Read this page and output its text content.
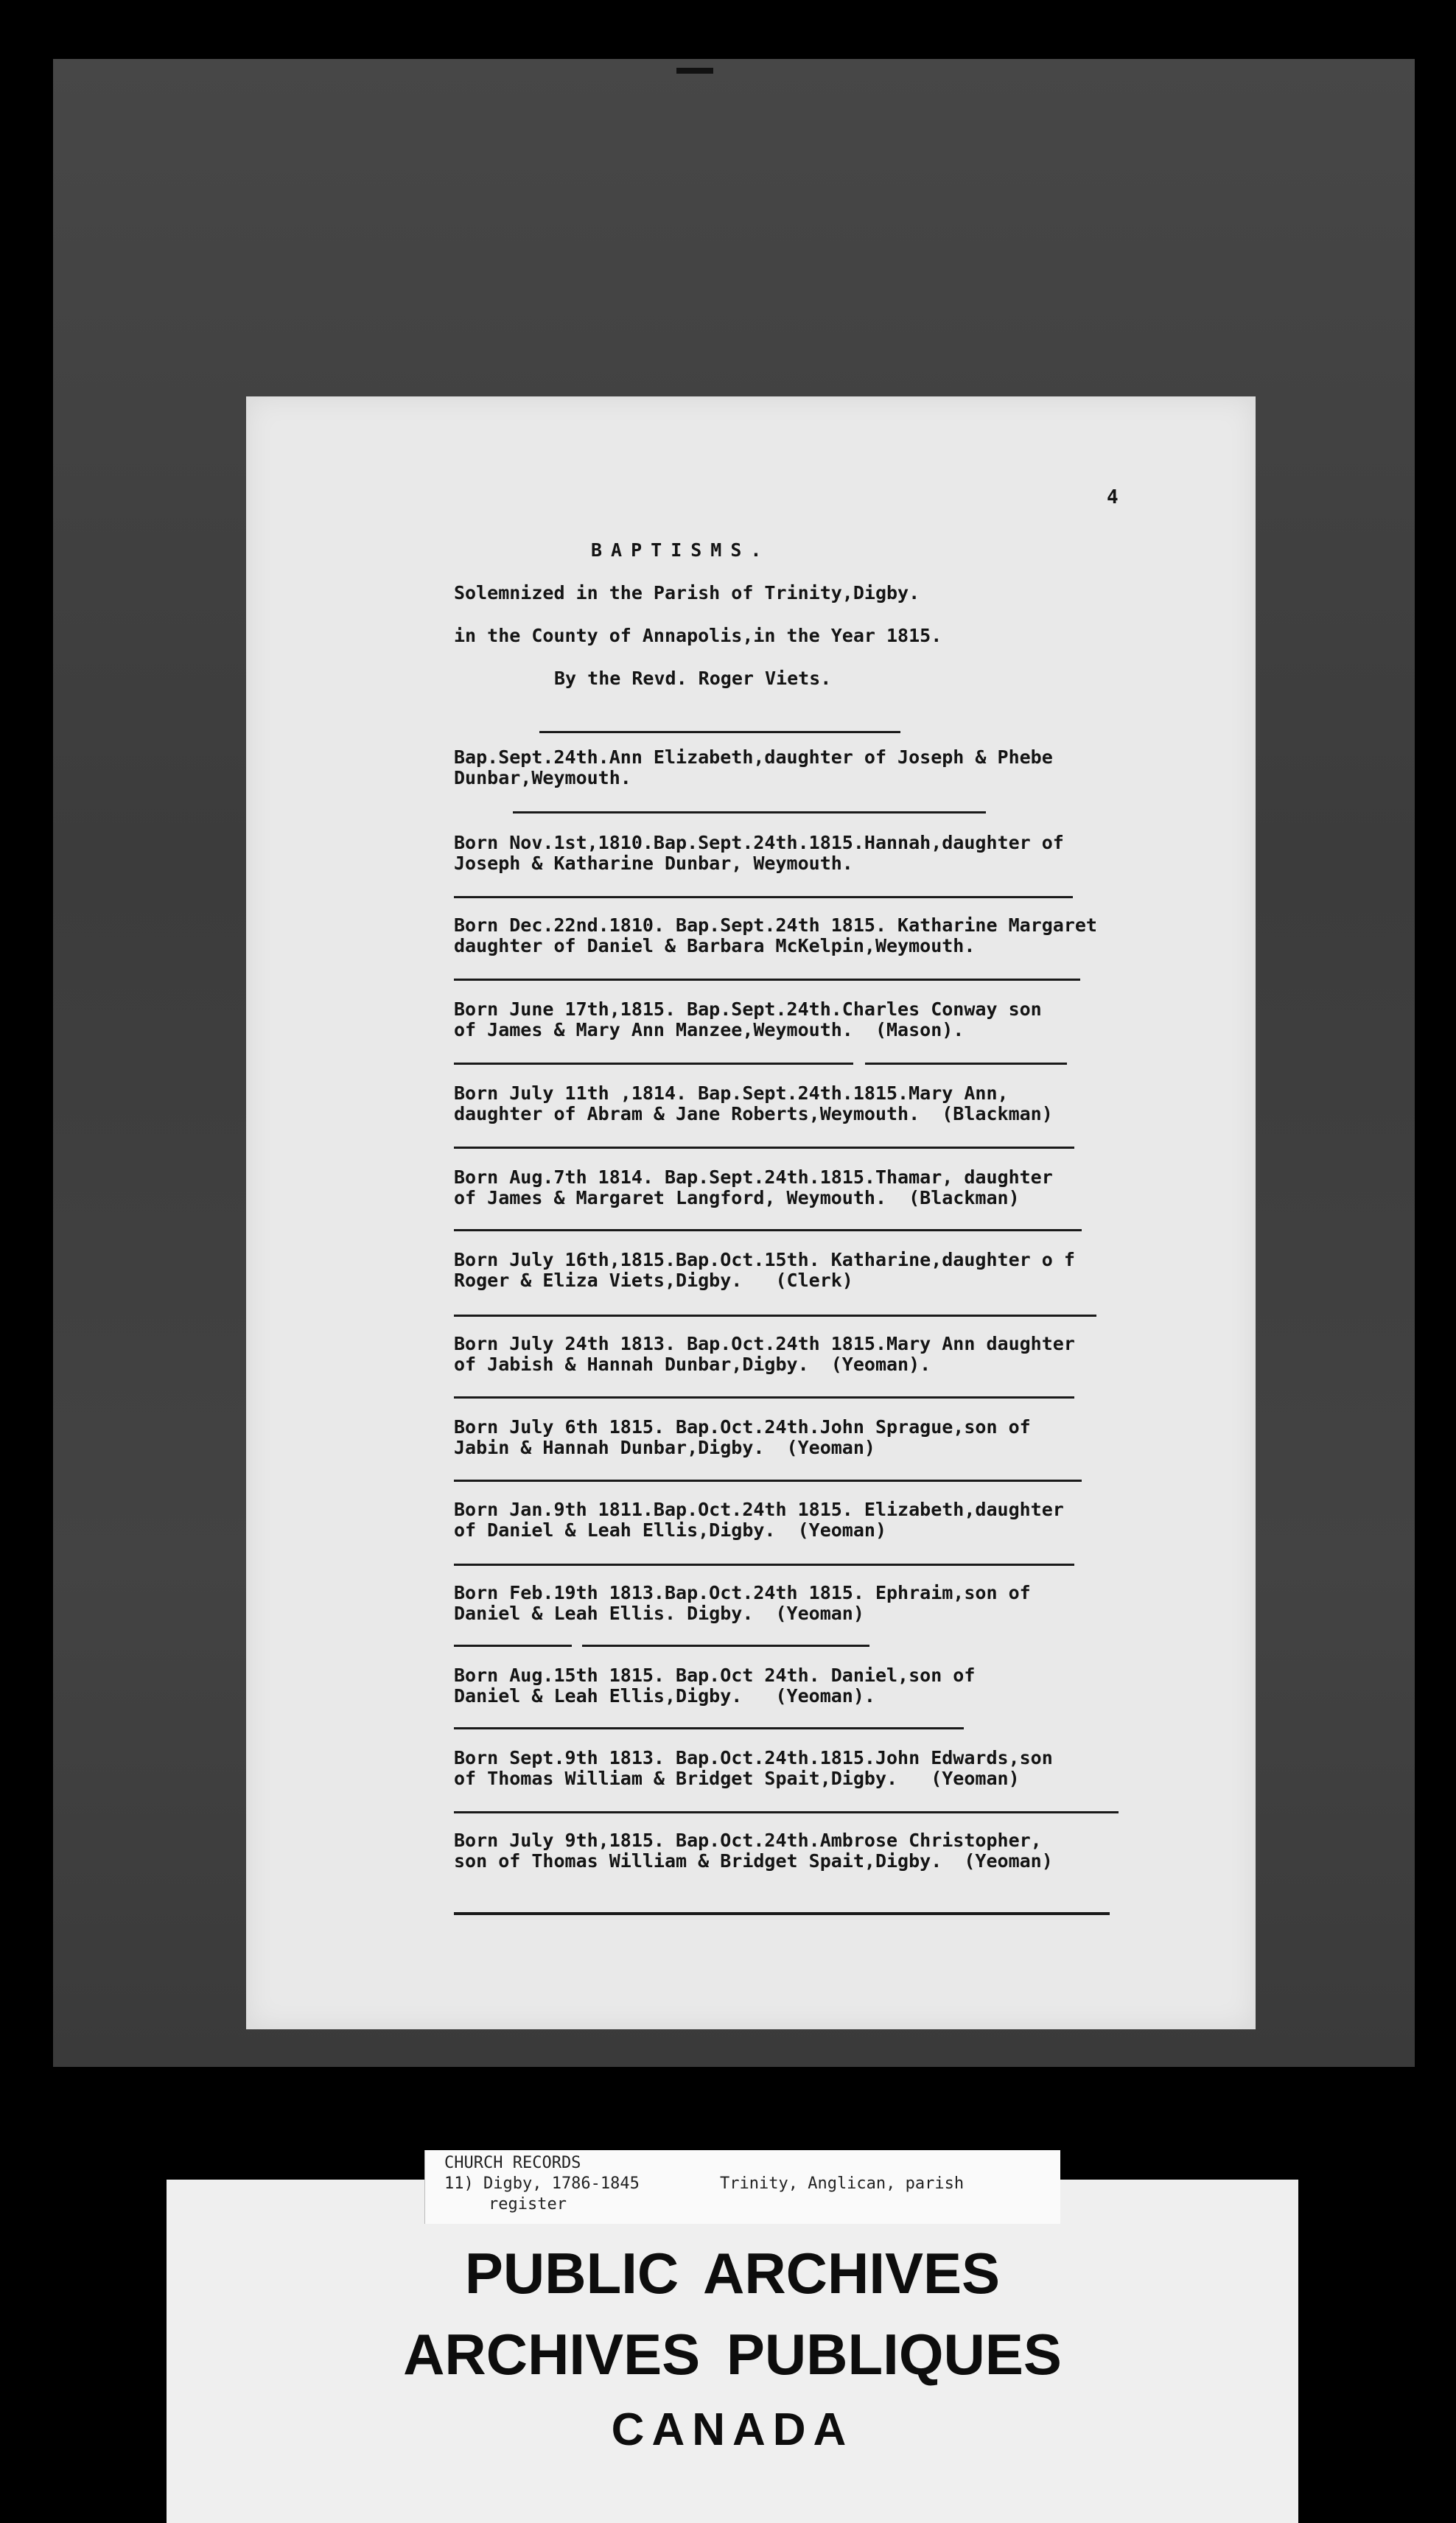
4
BAPTISMS.
Solemnized in the Parish of Trinity,Digby.
in the County of Annapolis,in the Year 1815.
By the Revd. Roger Viets.
Bap.Sept.24th.Ann Elizabeth,daughter of Joseph & Phebe
Dunbar,Weymouth.
Born Nov.1st,1810.Bap.Sept.24th.1815.Hannah,daughter of
Joseph & Katharine Dunbar, Weymouth.
Born Dec.22nd.1810. Bap.Sept.24th 1815. Katharine Margaret
daughter of Daniel & Barbara McKelpin,Weymouth.
Born June 17th,1815. Bap.Sept.24th.Charles Conway son
of James & Mary Ann Manzee,Weymouth.  (Mason).
Born July 11th ,1814. Bap.Sept.24th.1815.Mary Ann,
daughter of Abram & Jane Roberts,Weymouth.  (Blackman)
Born Aug.7th 1814. Bap.Sept.24th.1815.Thamar, daughter
of James & Margaret Langford, Weymouth.  (Blackman)
Born July 16th,1815.Bap.Oct.15th. Katharine,daughter o f
Roger & Eliza Viets,Digby.   (Clerk)
Born July 24th 1813. Bap.Oct.24th 1815.Mary Ann daughter
of Jabish & Hannah Dunbar,Digby.  (Yeoman).
Born July 6th 1815. Bap.Oct.24th.John Sprague,son of
Jabin & Hannah Dunbar,Digby.  (Yeoman)
Born Jan.9th 1811.Bap.Oct.24th 1815. Elizabeth,daughter
of Daniel & Leah Ellis,Digby.  (Yeoman)
Born Feb.19th 1813.Bap.Oct.24th 1815. Ephraim,son of
Daniel & Leah Ellis. Digby.  (Yeoman)
Born Aug.15th 1815. Bap.Oct 24th. Daniel,son of
Daniel & Leah Ellis,Digby.   (Yeoman).
Born Sept.9th 1813. Bap.Oct.24th.1815.John Edwards,son
of Thomas William & Bridget Spait,Digby.   (Yeoman)
Born July 9th,1815. Bap.Oct.24th.Ambrose Christopher,
son of Thomas William & Bridget Spait,Digby.  (Yeoman)
CHURCH RECORDS
11) Digby, 1786-1845	Trinity, Anglican, parish
register
PUBLIC ARCHIVES
ARCHIVES PUBLIQUES
CANADA
